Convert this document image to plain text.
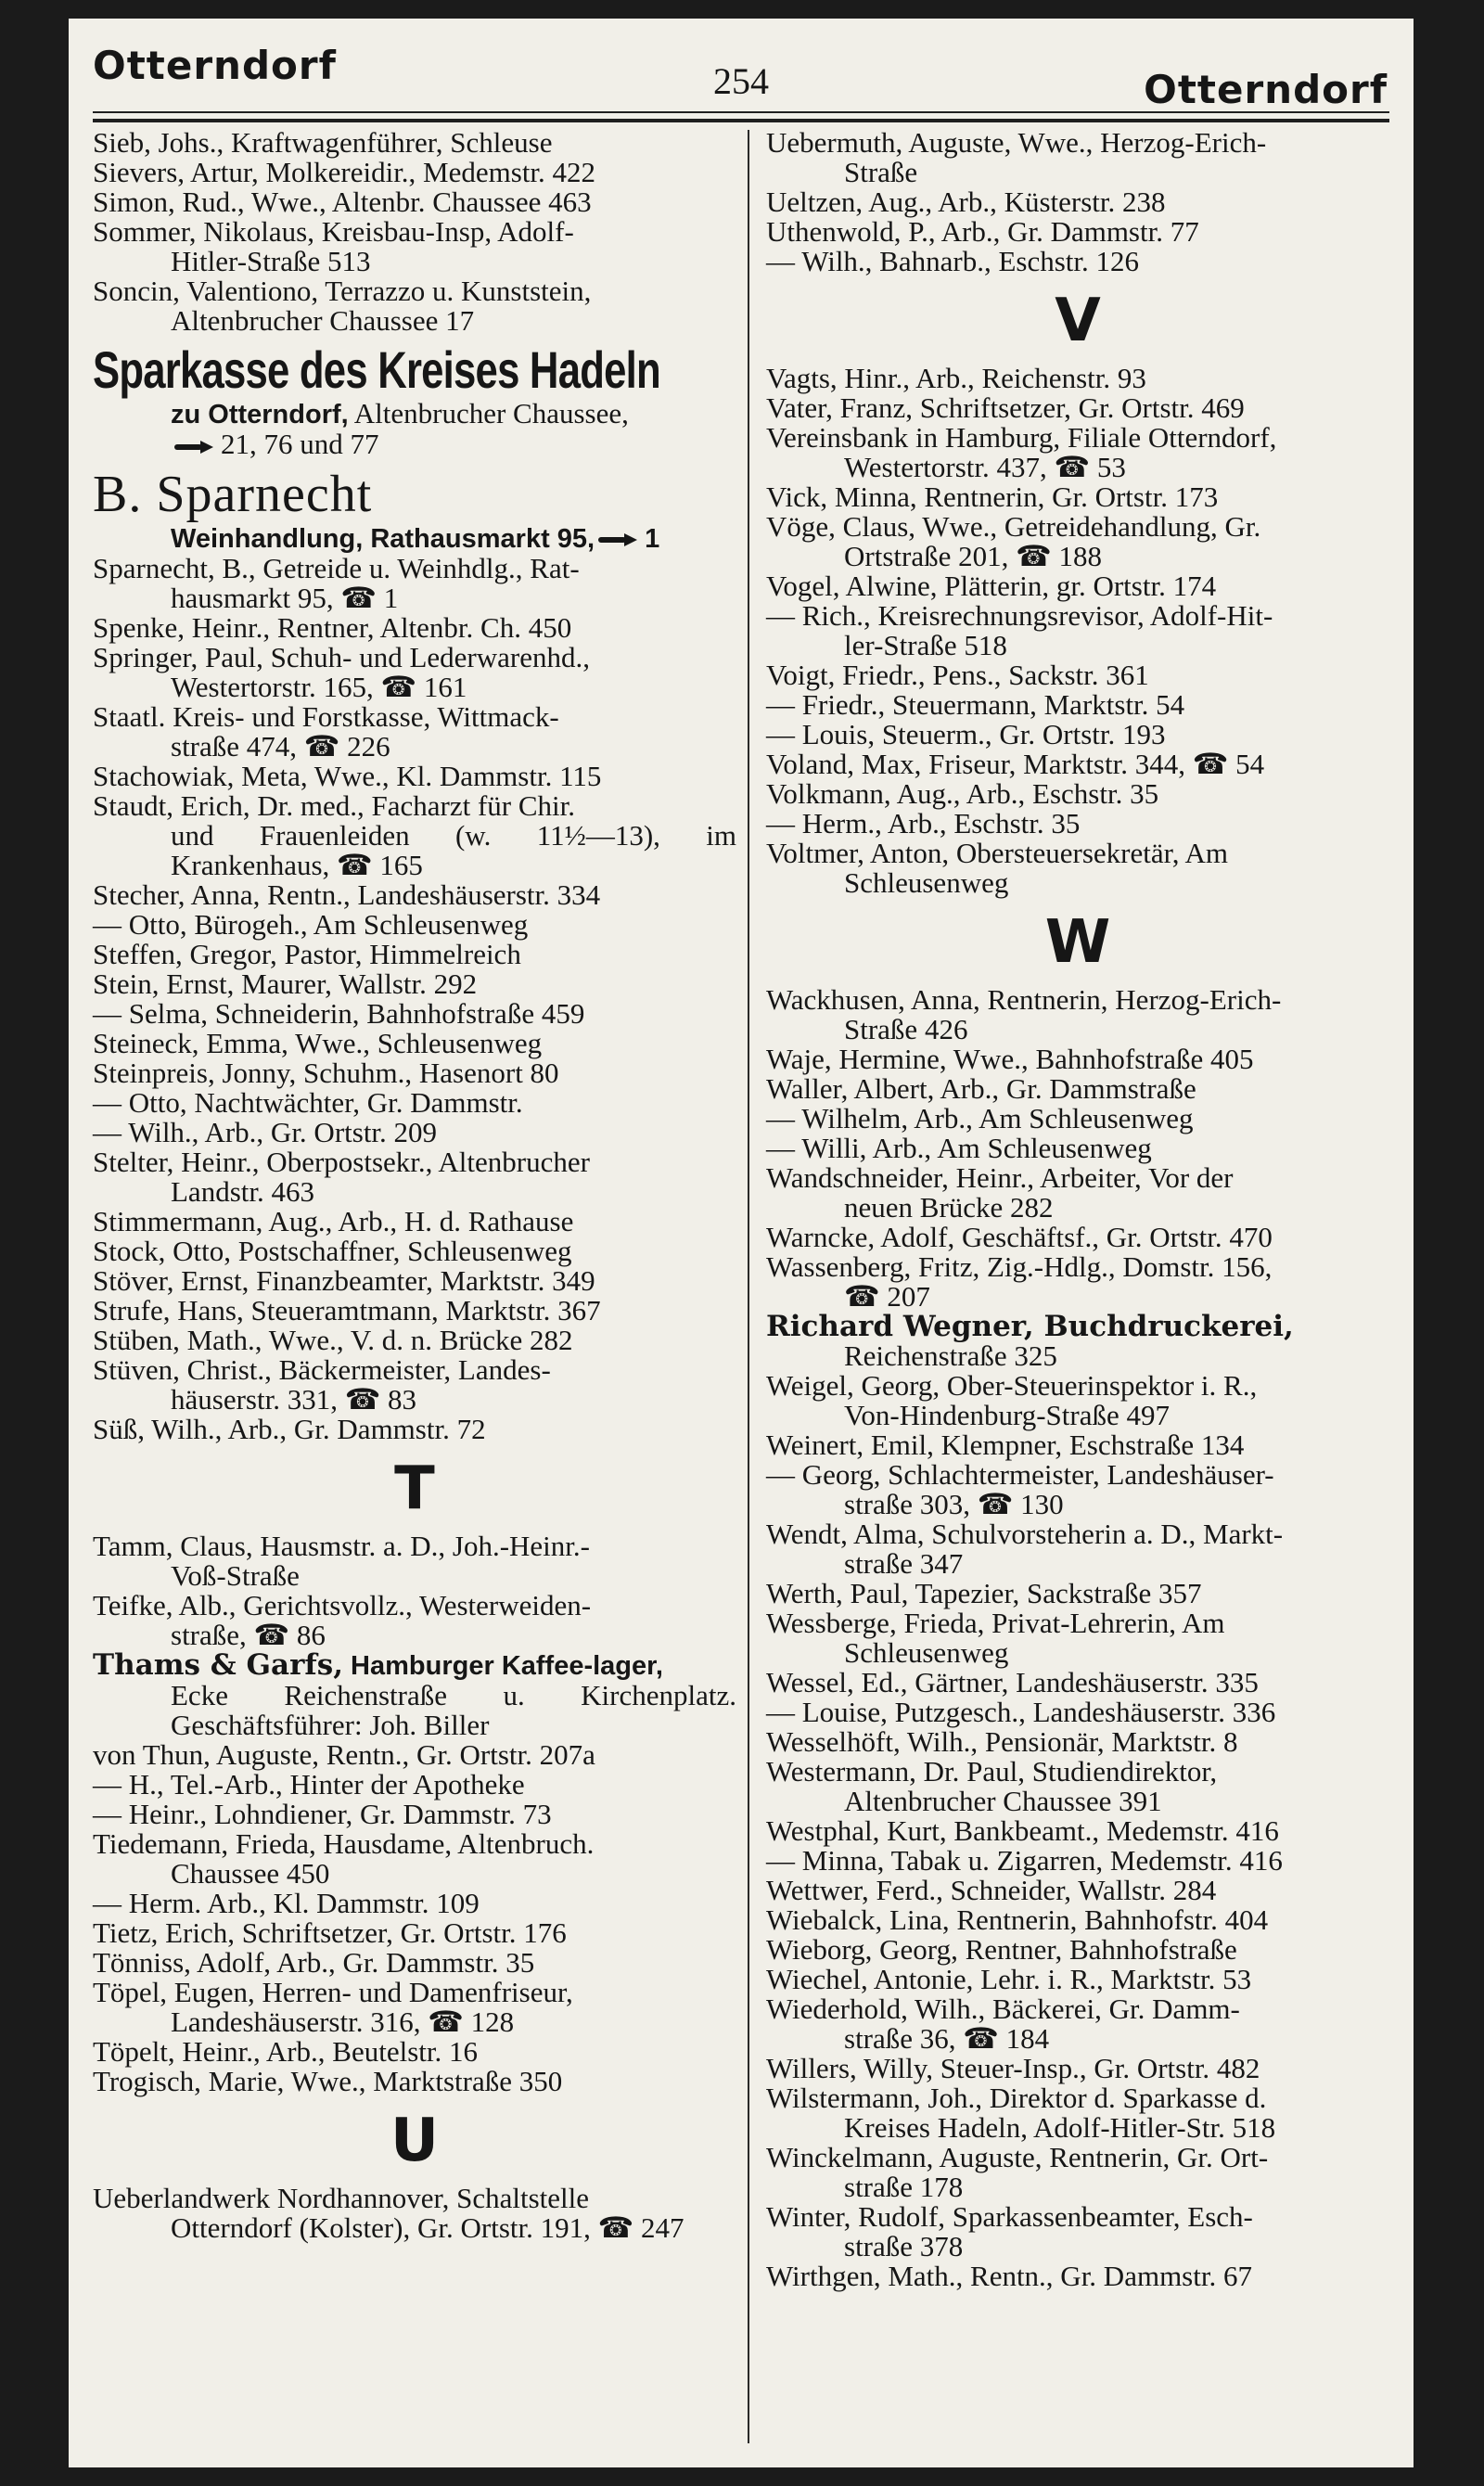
Otterndorf	254	Otterndorf

Sieb, Johs., Kraftwagenführer, Schleuse

Sievers, Artur, Molkereidir., Medemstr. 422

Simon, Rud., Wwe., Altenbr. Chaussee 463

Sommer, Nikolaus, Kreisbau-Insp, Adolf-
Hitler-Straße 513

Soncin, Valentiono, Terrazzo u. Kunststein,
Altenbrucher Chaussee 17

Sparkasse des Kreises Hadeln
zu Otterndorf, Altenbrucher Chaussee,
21, 76 und 77
B. Sparnecht
Weinhandlung, Rathausmarkt 95, 1

Sparnecht, B., Getreide u. Weinhdlg., Rat-
hausmarkt 95, ☎ 1

Spenke, Heinr., Rentner, Altenbr. Ch. 450

Springer, Paul, Schuh- und Lederwarenhd.,
Westertorstr. 165, ☎ 161

Staatl. Kreis- und Forstkasse, Wittmack-
straße 474, ☎ 226

Stachowiak, Meta, Wwe., Kl. Dammstr. 115

Staudt, Erich, Dr. med., Facharzt für Chir.
und Frauenleiden (w. 11½—13), im Krankenhaus, ☎ 165

Stecher, Anna, Rentn., Landeshäuserstr. 334

— Otto, Bürogeh., Am Schleusenweg

Steffen, Gregor, Pastor, Himmelreich

Stein, Ernst, Maurer, Wallstr. 292

— Selma, Schneiderin, Bahnhofstraße 459

Steineck, Emma, Wwe., Schleusenweg

Steinpreis, Jonny, Schuhm., Hasenort 80

— Otto, Nachtwächter, Gr. Dammstr.

— Wilh., Arb., Gr. Ortstr. 209

Stelter, Heinr., Oberpostsekr., Altenbrucher
Landstr. 463

Stimmermann, Aug., Arb., H. d. Rathause

Stock, Otto, Postschaffner, Schleusenweg

Stöver, Ernst, Finanzbeamter, Marktstr. 349

Strufe, Hans, Steueramtmann, Marktstr. 367

Stüben, Math., Wwe., V. d. n. Brücke 282

Stüven, Christ., Bäckermeister, Landes-
häuserstr. 331, ☎ 83

Süß, Wilh., Arb., Gr. Dammstr. 72

T

Tamm, Claus, Hausmstr. a. D., Joh.-Heinr.-
Voß-Straße

Teifke, Alb., Gerichtsvollz., Westerweiden-
straße, ☎ 86

Thams & Garfs, Hamburger Kaffee-lager,
Ecke Reichenstraße u. Kirchenplatz. Geschäftsführer: Joh. Biller

von Thun, Auguste, Rentn., Gr. Ortstr. 207a

— H., Tel.-Arb., Hinter der Apotheke

— Heinr., Lohndiener, Gr. Dammstr. 73

Tiedemann, Frieda, Hausdame, Altenbruch.
Chaussee 450

— Herm. Arb., Kl. Dammstr. 109

Tietz, Erich, Schriftsetzer, Gr. Ortstr. 176

Tönniss, Adolf, Arb., Gr. Dammstr. 35

Töpel, Eugen, Herren- und Damenfriseur,
Landeshäuserstr. 316, ☎ 128

Töpelt, Heinr., Arb., Beutelstr. 16

Trogisch, Marie, Wwe., Marktstraße 350

U

Ueberlandwerk Nordhannover, Schaltstelle
Otterndorf (Kolster), Gr. Ortstr. 191, ☎ 247

Uebermuth, Auguste, Wwe., Herzog-Erich-
Straße

Ueltzen, Aug., Arb., Küsterstr. 238

Uthenwold, P., Arb., Gr. Dammstr. 77

— Wilh., Bahnarb., Eschstr. 126

V

Vagts, Hinr., Arb., Reichenstr. 93

Vater, Franz, Schriftsetzer, Gr. Ortstr. 469

Vereinsbank in Hamburg, Filiale Otterndorf,
Westertorstr. 437, ☎ 53

Vick, Minna, Rentnerin, Gr. Ortstr. 173

Vöge, Claus, Wwe., Getreidehandlung, Gr.
Ortstraße 201, ☎ 188

Vogel, Alwine, Plätterin, gr. Ortstr. 174

— Rich., Kreisrechnungsrevisor, Adolf-Hit-
ler-Straße 518

Voigt, Friedr., Pens., Sackstr. 361

— Friedr., Steuermann, Marktstr. 54

— Louis, Steuerm., Gr. Ortstr. 193

Voland, Max, Friseur, Marktstr. 344, ☎ 54

Volkmann, Aug., Arb., Eschstr. 35

— Herm., Arb., Eschstr. 35

Voltmer, Anton, Obersteuersekretär, Am
Schleusenweg

W

Wackhusen, Anna, Rentnerin, Herzog-Erich-
Straße 426

Waje, Hermine, Wwe., Bahnhofstraße 405

Waller, Albert, Arb., Gr. Dammstraße

— Wilhelm, Arb., Am Schleusenweg

— Willi, Arb., Am Schleusenweg

Wandschneider, Heinr., Arbeiter, Vor der
neuen Brücke 282

Warncke, Adolf, Geschäftsf., Gr. Ortstr. 470

Wassenberg, Fritz, Zig.-Hdlg., Domstr. 156,
☎ 207

Richard Wegner, Buchdruckerei,
Reichenstraße 325

Weigel, Georg, Ober-Steuerinspektor i. R.,
Von-Hindenburg-Straße 497

Weinert, Emil, Klempner, Eschstraße 134

— Georg, Schlachtermeister, Landeshäuser-
straße 303, ☎ 130

Wendt, Alma, Schulvorsteherin a. D., Markt-
straße 347

Werth, Paul, Tapezier, Sackstraße 357

Wessberge, Frieda, Privat-Lehrerin, Am
Schleusenweg

Wessel, Ed., Gärtner, Landeshäuserstr. 335

— Louise, Putzgesch., Landeshäuserstr. 336

Wesselhöft, Wilh., Pensionär, Marktstr. 8

Westermann, Dr. Paul, Studiendirektor,
Altenbrucher Chaussee 391

Westphal, Kurt, Bankbeamt., Medemstr. 416

— Minna, Tabak u. Zigarren, Medemstr. 416

Wettwer, Ferd., Schneider, Wallstr. 284

Wiebalck, Lina, Rentnerin, Bahnhofstr. 404

Wieborg, Georg, Rentner, Bahnhofstraße

Wiechel, Antonie, Lehr. i. R., Marktstr. 53

Wiederhold, Wilh., Bäckerei, Gr. Damm-
straße 36, ☎ 184

Willers, Willy, Steuer-Insp., Gr. Ortstr. 482

Wilstermann, Joh., Direktor d. Sparkasse d.
Kreises Hadeln, Adolf-Hitler-Str. 518

Winckelmann, Auguste, Rentnerin, Gr. Ort-
straße 178

Winter, Rudolf, Sparkassenbeamter, Esch-
straße 378

Wirthgen, Math., Rentn., Gr. Dammstr. 67
